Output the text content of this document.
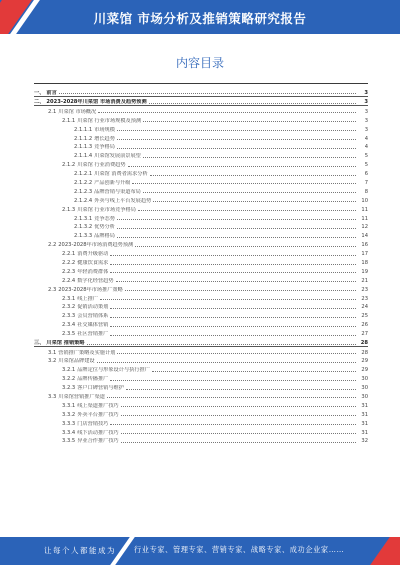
川菜馆 市场分析及推销策略研究报告
内容目录
一、 前言	3
二、 2023-2028年川菜馆 市场消费及趋势预测	3
2.1 川菜馆 市场概况	3
2.1.1 川菜馆 行业市场规模及预测	3
2.1.1.1 市场规模	3
2.1.1.2 增长趋势	4
2.1.1.3 竞争格局	4
2.1.1.4 川菜馆发展前景展望	5
2.1.2 川菜馆 行业消费趋势	5
2.1.2.1 川菜馆 消费者需求分析	6
2.1.2.2 产品创新与升级	7
2.1.2.3 品牌营销与渠道布局	8
2.1.2.4 外卖与线上平台发展趋势	10
2.1.3 川菜馆 行业市场竞争格局	11
2.1.3.1 竞争态势	11
2.1.3.2 优势分析	12
2.1.3.3 品牌格局	14
2.2 2023-2028年市场消费趋势预测	16
2.2.1 消费升级驱动	17
2.2.2 健康饮食需求	18
2.2.3 年轻消费群体	19
2.2.4 数字化经营趋势	21
2.3 2023-2028年市场推广策略	23
2.3.1 线上推广	23
2.3.2 促销活动策划	24
2.3.3 会员营销体系	25
2.3.4 社交媒体营销	26
2.3.5 社区营销推广	27
三、 川菜馆 推销策略	28
3.1 营销推广策略及实施计划	28
3.2 川菜馆品牌建设	29
3.2.1 品牌定位与形象设计与执行推广	29
3.2.2 品牌传播推广	30
3.2.3 客户口碑营销与维护	30
3.3 川菜馆营销推广渠道	30
3.3.1 线上渠道推广技巧	31
3.3.2 外卖平台推广技巧	31
3.3.3 门店营销技巧	31
3.3.4 线下活动推广技巧	31
3.3.5 异业合作推广技巧	32
让每个人都能成为	行业专家、管理专家、营销专家、战略专家、成功企业家……
